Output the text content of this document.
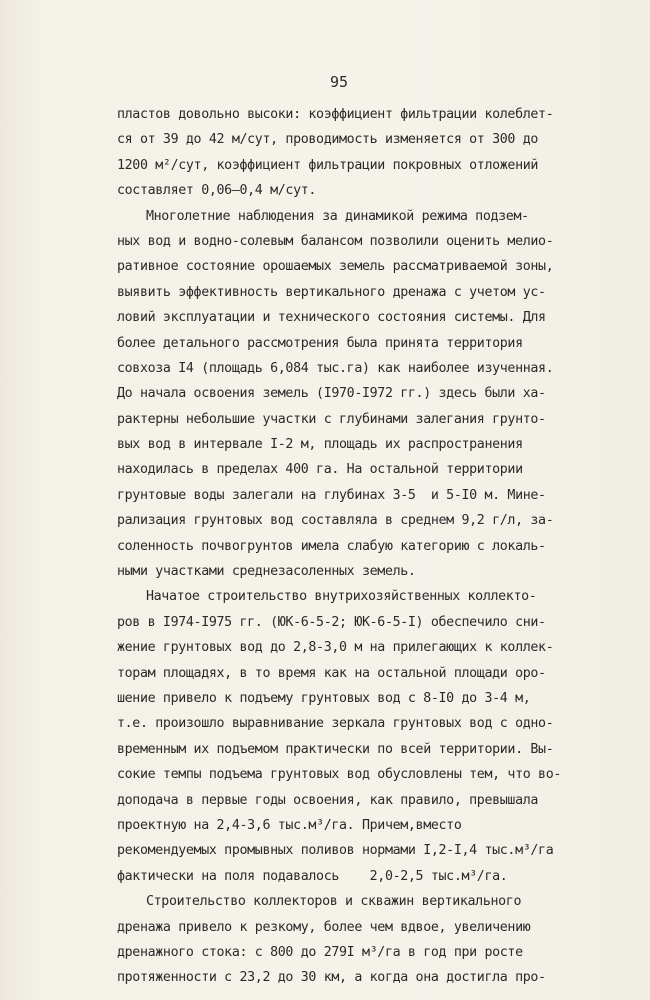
95
пластов довольно высоки: коэффициент фильтрации колеблет-
ся от 39 до 42 м/сут, проводимость изменяется от 300 до
1200 м²/сут, коэффициент фильтрации покровных отложений
составляет 0,06–0,4 м/сут.
Многолетние наблюдения за динамикой режима подзем-
ных вод и водно-солевым балансом позволили оценить мелио-
ративное состояние орошаемых земель рассматриваемой зоны,
выявить эффективность вертикального дренажа с учетом ус-
ловий эксплуатации и технического состояния системы. Для
более детального рассмотрения была принята территория
совхоза I4 (площадь 6,084 тыс.га) как наиболее изученная.
До начала освоения земель (I970-I972 гг.) здесь были ха-
рактерны небольшие участки с глубинами залегания грунто-
вых вод в интервале I-2 м, площадь их распространения
находилась в пределах 400 га. На остальной территории
грунтовые воды залегали на глубинах 3-5  и 5-I0 м. Мине-
рализация грунтовых вод составляла в среднем 9,2 г/л, за-
соленность почвогрунтов имела слабую категорию с локаль-
ными участками среднезасоленных земель.
Начатое строительство внутрихозяйственных коллекто-
ров в I974-I975 гг. (ЮК-6-5-2; ЮК-6-5-I) обеспечило сни-
жение грунтовых вод до 2,8-3,0 м на прилегающих к коллек-
торам площадях, в то время как на остальной площади оро-
шение привело к подъему грунтовых вод с 8-I0 до 3-4 м,
т.е. произошло выравнивание зеркала грунтовых вод с одно-
временным их подъемом практически по всей территории. Вы-
сокие темпы подъема грунтовых вод обусловлены тем, что во-
доподача в первые годы освоения, как правило, превышала
проектную на 2,4-3,6 тыс.м³/га. Причем,вместо
рекомендуемых промывных поливов нормами I,2-I,4 тыс.м³/га
фактически на поля подавалось    2,0-2,5 тыс.м³/га.
Строительство коллекторов и скважин вертикального
дренажа привело к резкому, более чем вдвое, увеличению
дренажного стока: с 800 до 279I м³/га в год при росте
протяженности с 23,2 до 30 км, а когда она достигла про-
